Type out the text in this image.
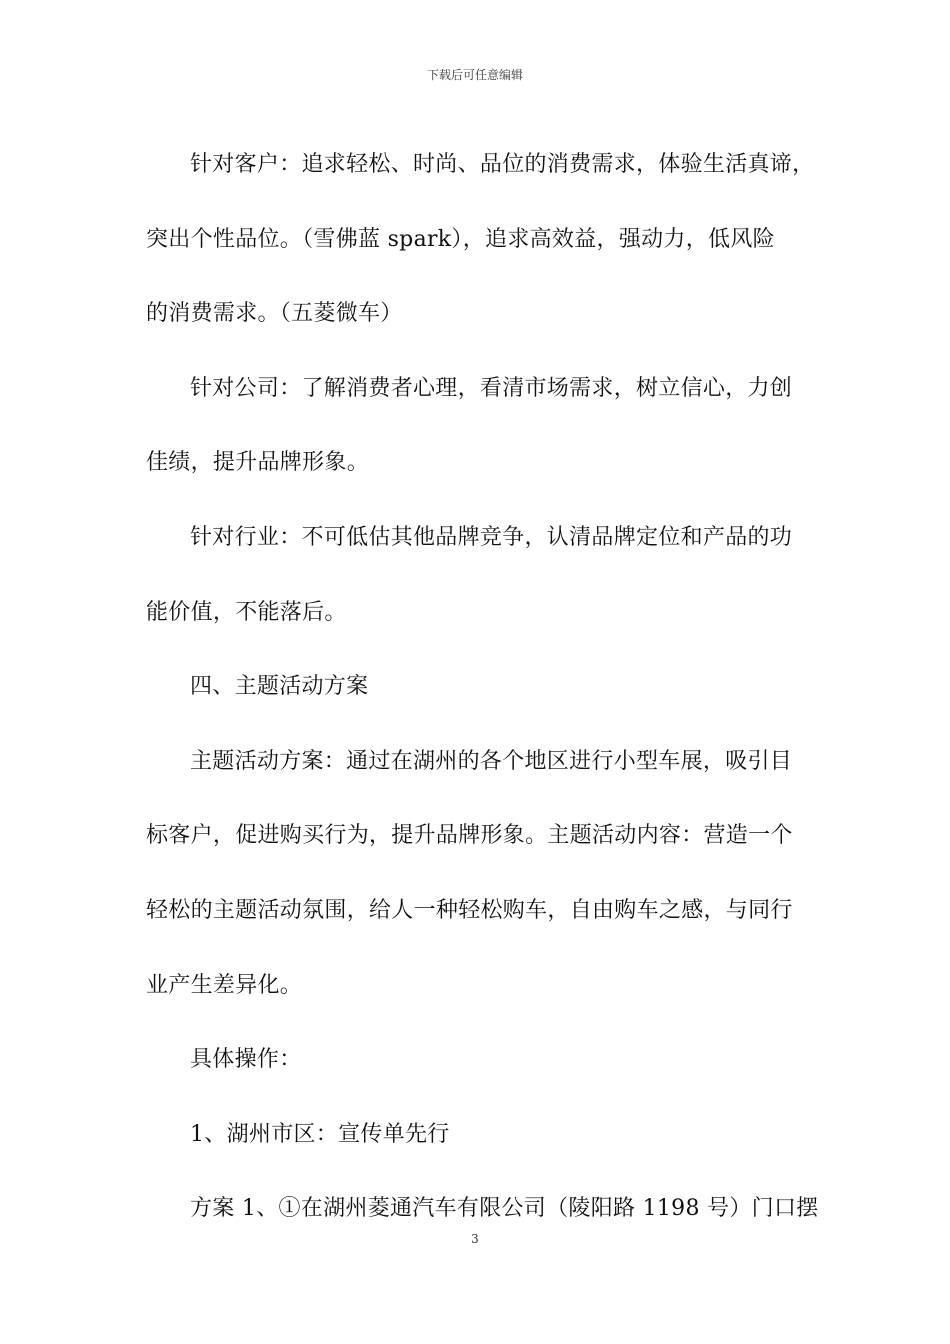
下载后可任意编辑

针对客户：追求轻松、时尚、品位的消费需求，体验生活真谛，

突出个性品位。（雪佛蓝 spark），追求高效益，强动力，低风险

的消费需求。（五菱微车）

针对公司：了解消费者心理，看清市场需求，树立信心，力创

佳绩，提升品牌形象。

针对行业：不可低估其他品牌竞争，认清品牌定位和产品的功

能价值，不能落后。

四、主题活动方案

主题活动方案：通过在湖州的各个地区进行小型车展，吸引目

标客户，促进购买行为，提升品牌形象。主题活动内容：营造一个

轻松的主题活动氛围，给人一种轻松购车，自由购车之感，与同行

业产生差异化。

具体操作：

1、湖州市区：宣传单先行

方案 1、①在湖州菱通汽车有限公司（陵阳路 1198 号）门口摆

3
